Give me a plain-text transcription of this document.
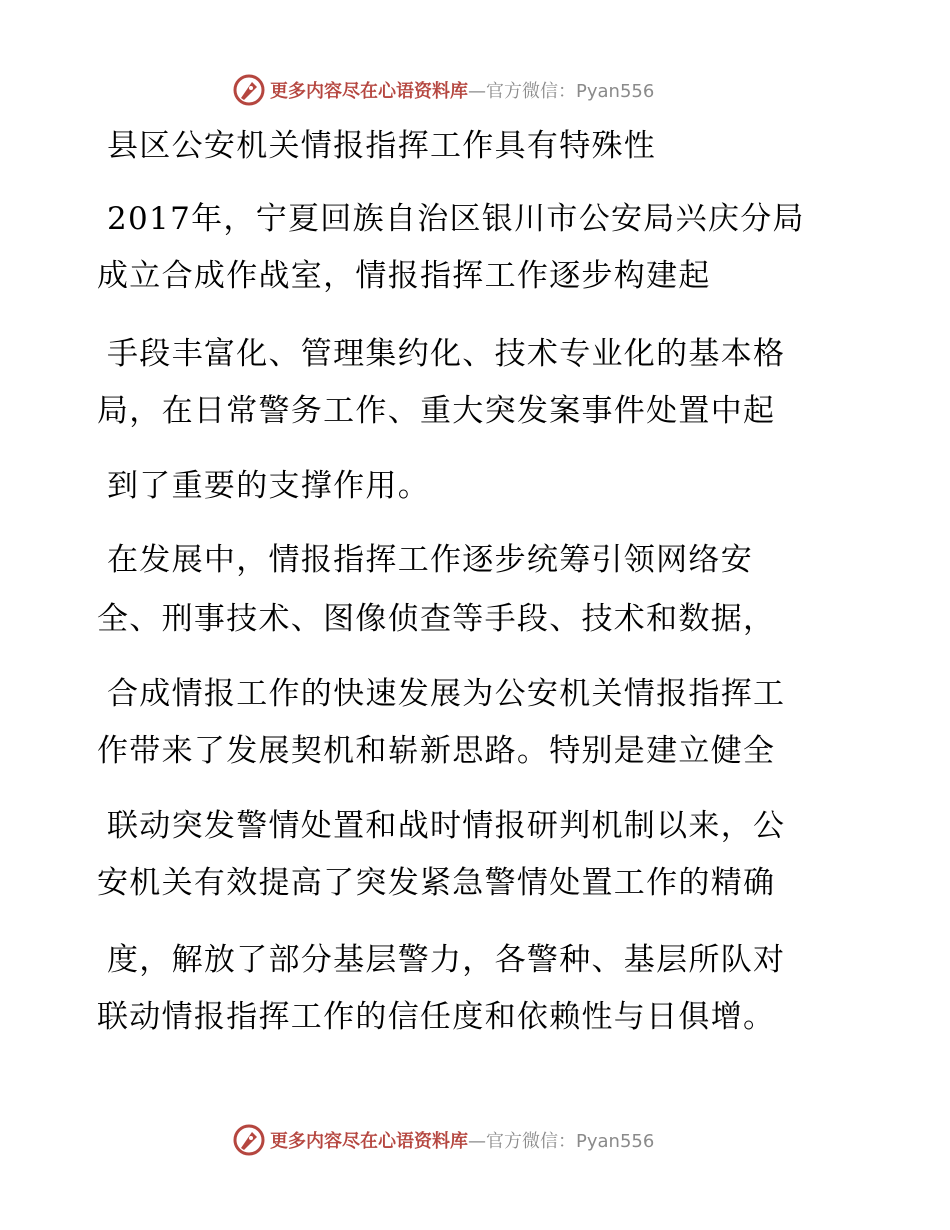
更多内容尽在心语资料库 —官方微信：Pyan556
县区公安机关情报指挥工作具有特殊性
2017年，宁夏回族自治区银川市公安局兴庆分局
成立合成作战室，情报指挥工作逐步构建起
手段丰富化、管理集约化、技术专业化的基本格
局，在日常警务工作、重大突发案事件处置中起
到了重要的支撑作用。
在发展中，情报指挥工作逐步统筹引领网络安
全、刑事技术、图像侦查等手段、技术和数据，
合成情报工作的快速发展为公安机关情报指挥工
作带来了发展契机和崭新思路。特别是建立健全
联动突发警情处置和战时情报研判机制以来，公
安机关有效提高了突发紧急警情处置工作的精确
度，解放了部分基层警力，各警种、基层所队对
联动情报指挥工作的信任度和依赖性与日俱增。
更多内容尽在心语资料库 —官方微信：Pyan556
